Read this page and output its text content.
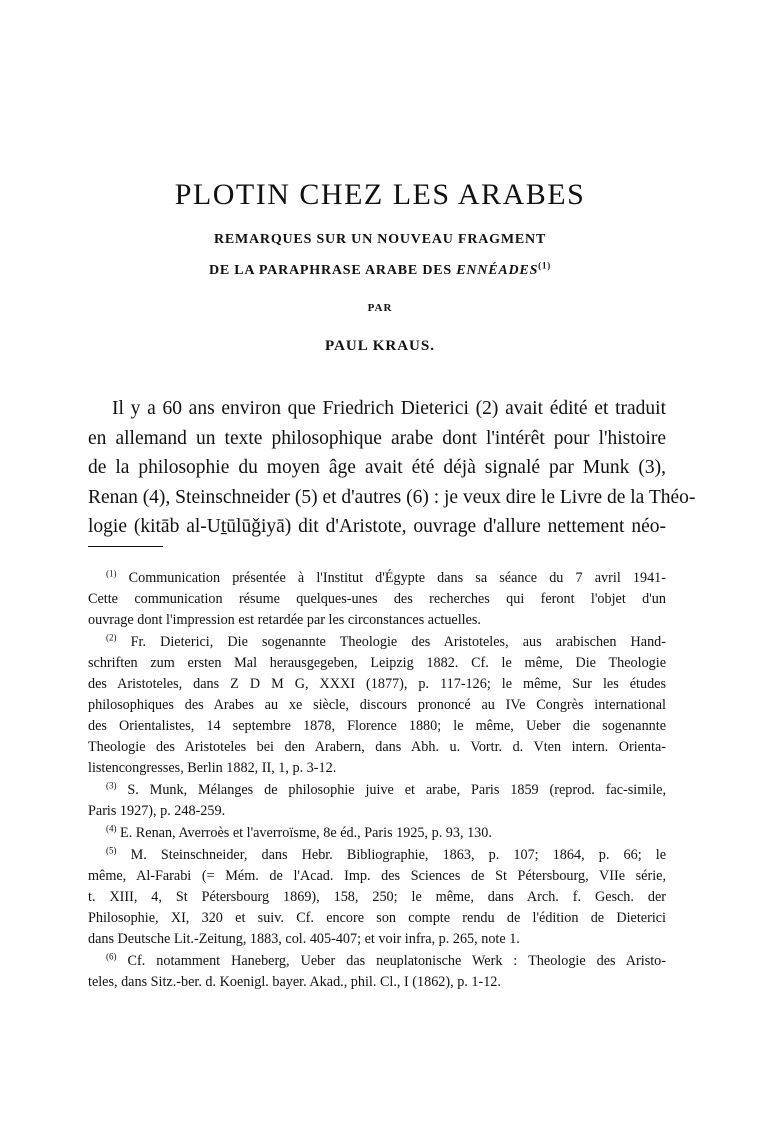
PLOTIN CHEZ LES ARABES

REMARQUES SUR UN NOUVEAU FRAGMENT

DE LA PARAPHRASE ARABE DES ENNÉADES$^{(1)}$

PAR

PAUL KRAUS.

Il y a 60 ans environ que Friedrich Dieterici (2) avait édité et traduit
en allemand un texte philosophique arabe dont l'intérêt pour l'histoire
de la philosophie du moyen âge avait été déjà signalé par Munk (3),
Renan (4), Steinschneider (5) et d'autres (6) : je veux dire le Livre de la Théo-
logie (kitāb al-Uṯūlūǧiyā) dit d'Aristote, ouvrage d'allure nettement néo-
$^{(1)}$ Communication présentée à l'Institut d'Égypte dans sa séance du 7 avril 1941-
Cette communication résume quelques-unes des recherches qui feront l'objet d'un
ouvrage dont l'impression est retardée par les circonstances actuelles.
$^{(2)}$ Fr. Dieterici, Die sogenannte Theologie des Aristoteles, aus arabischen Hand-
schriften zum ersten Mal herausgegeben, Leipzig 1882. Cf. le même, Die Theologie
des Aristoteles, dans Z D M G, XXXI (1877), p. 117-126; le même, Sur les études
philosophiques des Arabes au xe siècle, discours prononcé au IVe Congrès international
des Orientalistes, 14 septembre 1878, Florence 1880; le même, Ueber die sogenannte
Theologie des Aristoteles bei den Arabern, dans Abh. u. Vortr. d. Vten intern. Orienta-
listencongresses, Berlin 1882, II, 1, p. 3-12.
$^{(3)}$ S. Munk, Mélanges de philosophie juive et arabe, Paris 1859 (reprod. fac-simile,
Paris 1927), p. 248-259.
$^{(4)}$ E. Renan, Averroès et l'averroïsme, 8e éd., Paris 1925, p. 93, 130.
$^{(5)}$ M. Steinschneider, dans Hebr. Bibliographie, 1863, p. 107; 1864, p. 66; le
même, Al-Farabi (= Mém. de l'Acad. Imp. des Sciences de St Pétersbourg, VIIe série,
t. XIII, 4, St Pétersbourg 1869), 158, 250; le même, dans Arch. f. Gesch. der
Philosophie, XI, 320 et suiv. Cf. encore son compte rendu de l'édition de Dieterici
dans Deutsche Lit.-Zeitung, 1883, col. 405-407; et voir infra, p. 265, note 1.
$^{(6)}$ Cf. notamment Haneberg, Ueber das neuplatonische Werk : Theologie des Aristo-
teles, dans Sitz.-ber. d. Koenigl. bayer. Akad., phil. Cl., I (1862), p. 1-12.
